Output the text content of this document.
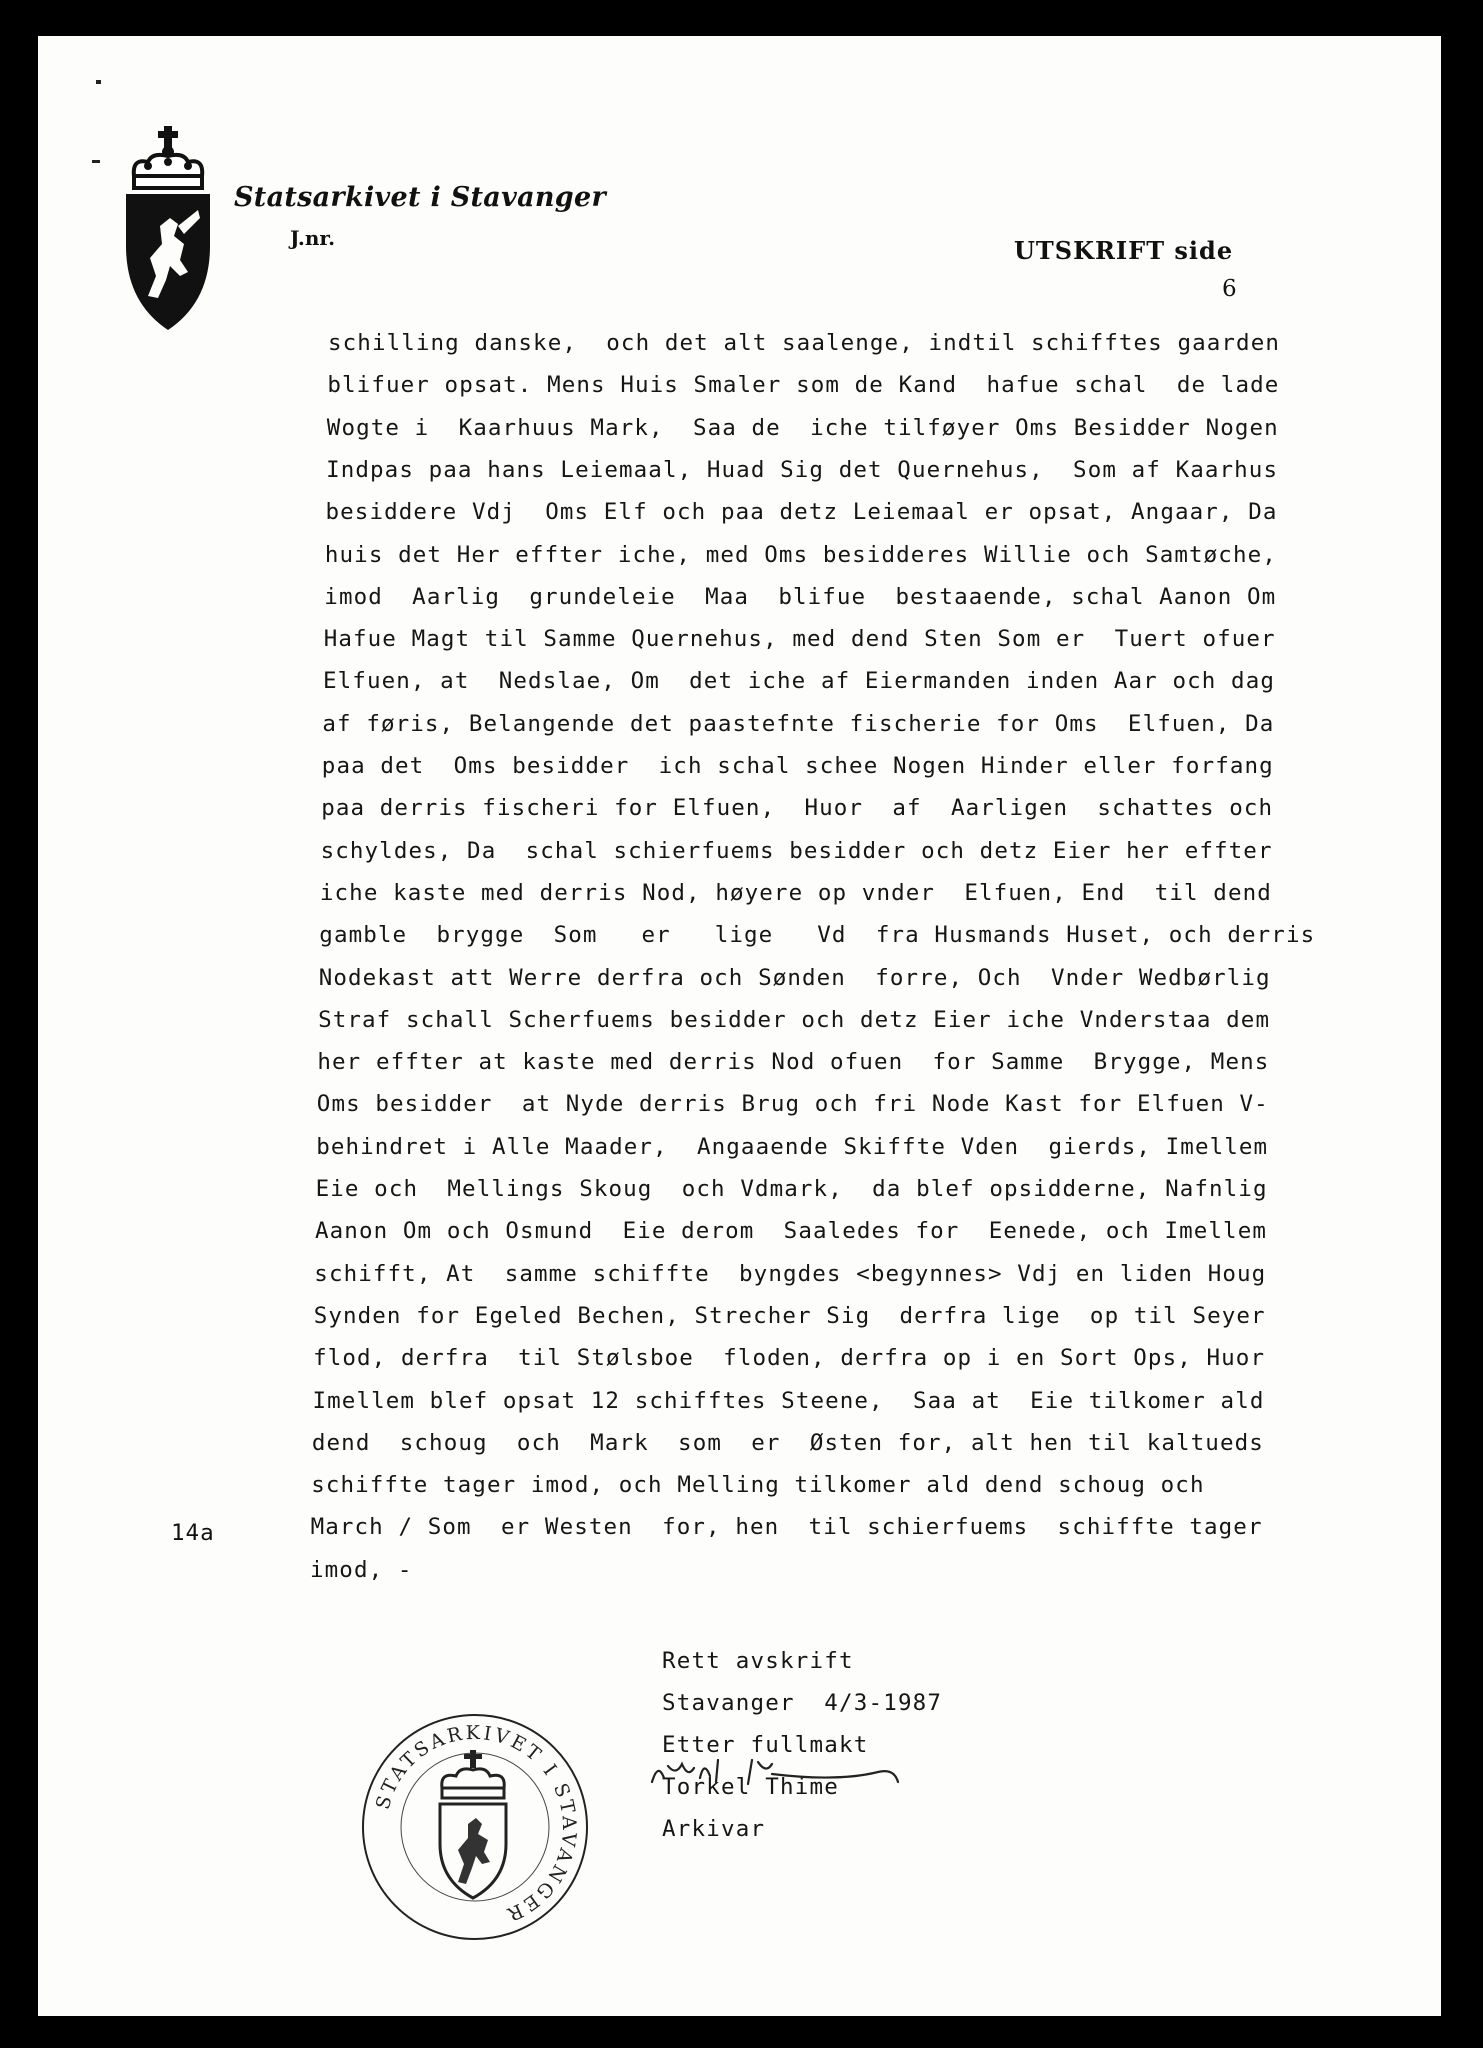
Statsarkivet i Stavanger
J.nr.	UTSKRIFT side
6
schilling danske,  och det alt saalenge, indtil schifftes gaarden
blifuer opsat. Mens Huis Smaler som de Kand  hafue schal  de lade
Wogte i  Kaarhuus Mark,  Saa de  iche tilføyer Oms Besidder Nogen
Indpas paa hans Leiemaal, Huad Sig det Quernehus,  Som af Kaarhus
besiddere Vdj  Oms Elf och paa detz Leiemaal er opsat, Angaar, Da
huis det Her effter iche, med Oms besidderes Willie och Samtøche,
imod  Aarlig  grundeleie  Maa  blifue  bestaaende, schal Aanon Om
Hafue Magt til Samme Quernehus, med dend Sten Som er  Tuert ofuer
Elfuen, at  Nedslae, Om  det iche af Eiermanden inden Aar och dag
af føris, Belangende det paastefnte fischerie for Oms  Elfuen, Da
paa det  Oms besidder  ich schal schee Nogen Hinder eller forfang
paa derris fischeri for Elfuen,  Huor  af  Aarligen  schattes och
schyldes, Da  schal schierfuems besidder och detz Eier her effter
iche kaste med derris Nod, høyere op vnder  Elfuen, End  til dend
gamble  brygge  Som   er   lige   Vd  fra Husmands Huset, och derris
Nodekast att Werre derfra och Sønden  forre, Och  Vnder Wedbørlig
Straf schall Scherfuems besidder och detz Eier iche Vnderstaa dem
her effter at kaste med derris Nod ofuen  for Samme  Brygge, Mens
Oms besidder  at Nyde derris Brug och fri Node Kast for Elfuen V-
behindret i Alle Maader,  Angaaende Skiffte Vden  gierds, Imellem
Eie och  Mellings Skoug  och Vdmark,  da blef opsidderne, Nafnlig
Aanon Om och Osmund  Eie derom  Saaledes for  Eenede, och Imellem
schifft, At  samme schiffte  byngdes <begynnes> Vdj en liden Houg
Synden for Egeled Bechen, Strecher Sig  derfra lige  op til Seyer
flod, derfra  til Stølsboe  floden, derfra op i en Sort Ops, Huor
Imellem blef opsat 12 schifftes Steene,  Saa at  Eie tilkomer ald
dend  schoug  och  Mark  som  er  Østen for, alt hen til kaltueds
schiffte tager imod, och Melling tilkomer ald dend schoug och
March / Som  er Westen  for, hen  til schierfuems  schiffte tager
imod, -
14a
Rett avskrift
Stavanger  4/3-1987
Etter fullmakt
Torkel Thime
Arkivar
STATSARKIVET I STAVANGER
